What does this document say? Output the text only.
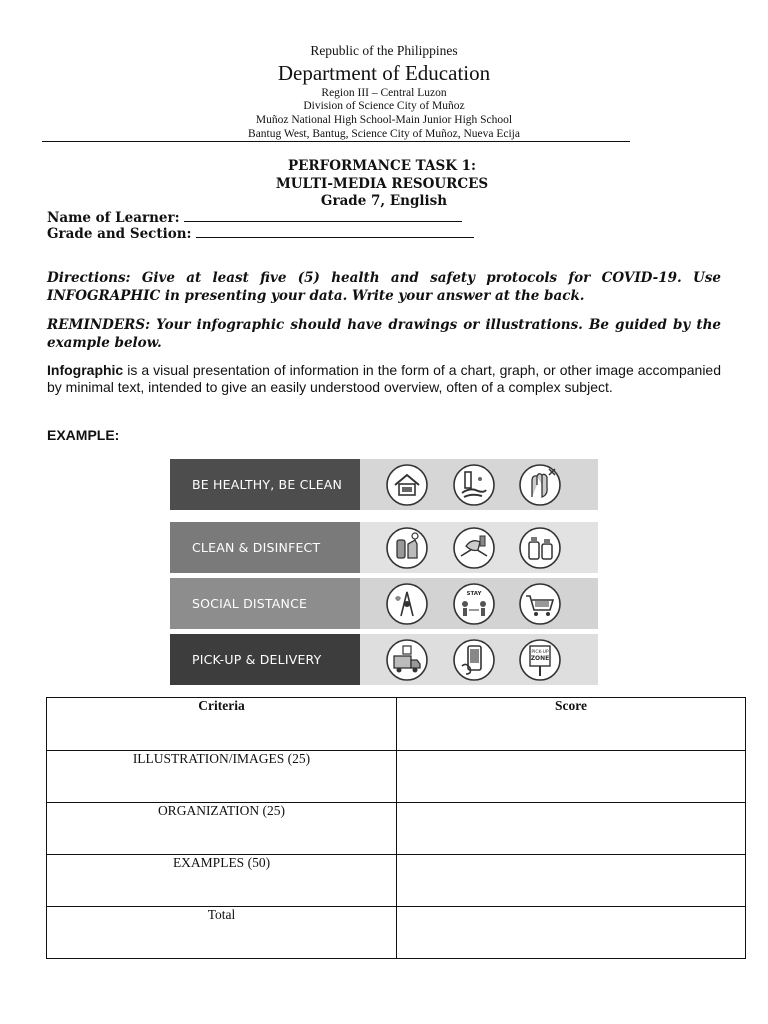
Republic of the Philippines
Department of Education
Region III – Central Luzon
Division of Science City of Muñoz
Muñoz National High School-Main Junior High School
Bantug West, Bantug, Science City of Muñoz, Nueva Ecija
PERFORMANCE TASK 1:
MULTI-MEDIA RESOURCES
Grade 7, English
Name of Learner:
Grade and Section:
Directions: Give at least five (5) health and safety protocols for COVID-19. Use INFOGRAPHIC in presenting your data. Write your answer at the back.
REMINDERS: Your infographic should have drawings or illustrations. Be guided by the example below.
Infographic is a visual presentation of information in the form of a chart, graph, or other image accompanied by minimal text, intended to give an easily understood overview, often of a complex subject.
EXAMPLE:
BE HEALTHY, BE CLEAN
CLEAN & DISINFECT
SOCIAL DISTANCE
STAY
PICK-UP & DELIVERY	PICK-UP
ZONE
Criteria	Score
ILLUSTRATION/IMAGES (25)	
ORGANIZATION (25)	
EXAMPLES (50)	
Total	
